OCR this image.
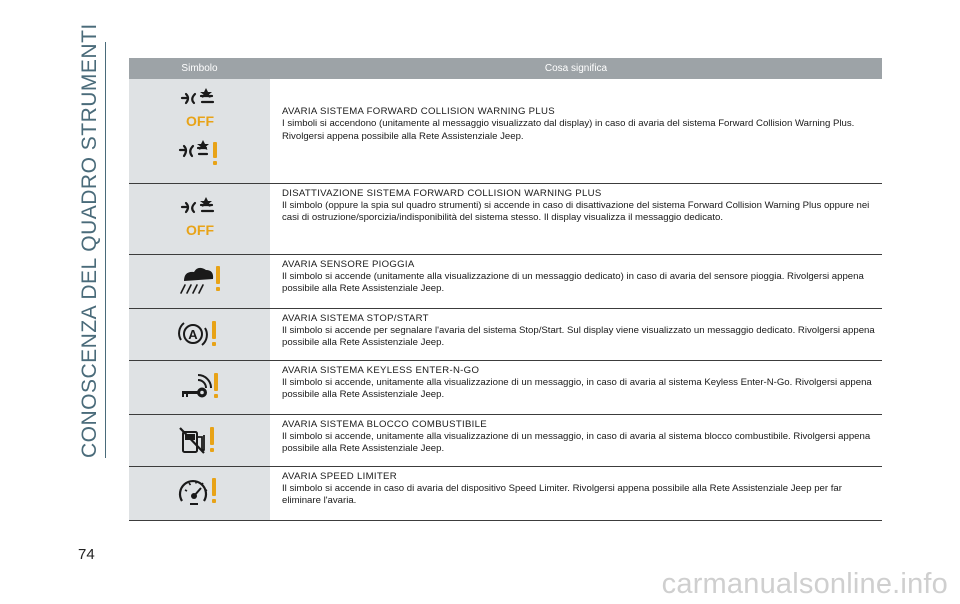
CONOSCENZA DEL QUADRO STRUMENTI	Simbolo	Cosa significa

OFF	AVARIA SISTEMA FORWARD COLLISION WARNING PLUS
I simboli si accendono (unitamente al messaggio visualizzato dal display) in caso di avaria del sistema Forward Collision Warning Plus. Rivolgersi appena possibile alla Rete Assistenziale Jeep.

OFF	DISATTIVAZIONE SISTEMA FORWARD COLLISION WARNING PLUS
Il simbolo (oppure la spia sul quadro strumenti) si accende in caso di disattivazione del sistema Forward Collision Warning Plus oppure nei casi di ostruzione/sporcizia/indisponibilità del sistema stesso. Il display visualizza il messaggio dedicato.

AVARIA SENSORE PIOGGIA
Il simbolo si accende (unitamente alla visualizzazione di un messaggio dedicato) in caso di avaria del sensore pioggia. Rivolgersi appena possibile alla Rete Assistenziale Jeep.

A	AVARIA SISTEMA STOP/START
Il simbolo si accende per segnalare l'avaria del sistema Stop/Start. Sul display viene visualizzato un messaggio dedicato. Rivolgersi appena possibile alla Rete Assistenziale Jeep.

AVARIA SISTEMA KEYLESS ENTER-N-GO
Il simbolo si accende, unitamente alla visualizzazione di un messaggio, in caso di avaria al sistema Keyless Enter-N-Go. Rivolgersi appena possibile alla Rete Assistenziale Jeep.

AVARIA SISTEMA BLOCCO COMBUSTIBILE
Il simbolo si accende, unitamente alla visualizzazione di un messaggio, in caso di avaria al sistema blocco combustibile. Rivolgersi appena possibile alla Rete Assistenziale Jeep.

AVARIA SPEED LIMITER
Il simbolo si accende in caso di avaria del dispositivo Speed Limiter. Rivolgersi appena possibile alla Rete Assistenziale Jeep per far eliminare l'avaria.
74
carmanualsonline.info
